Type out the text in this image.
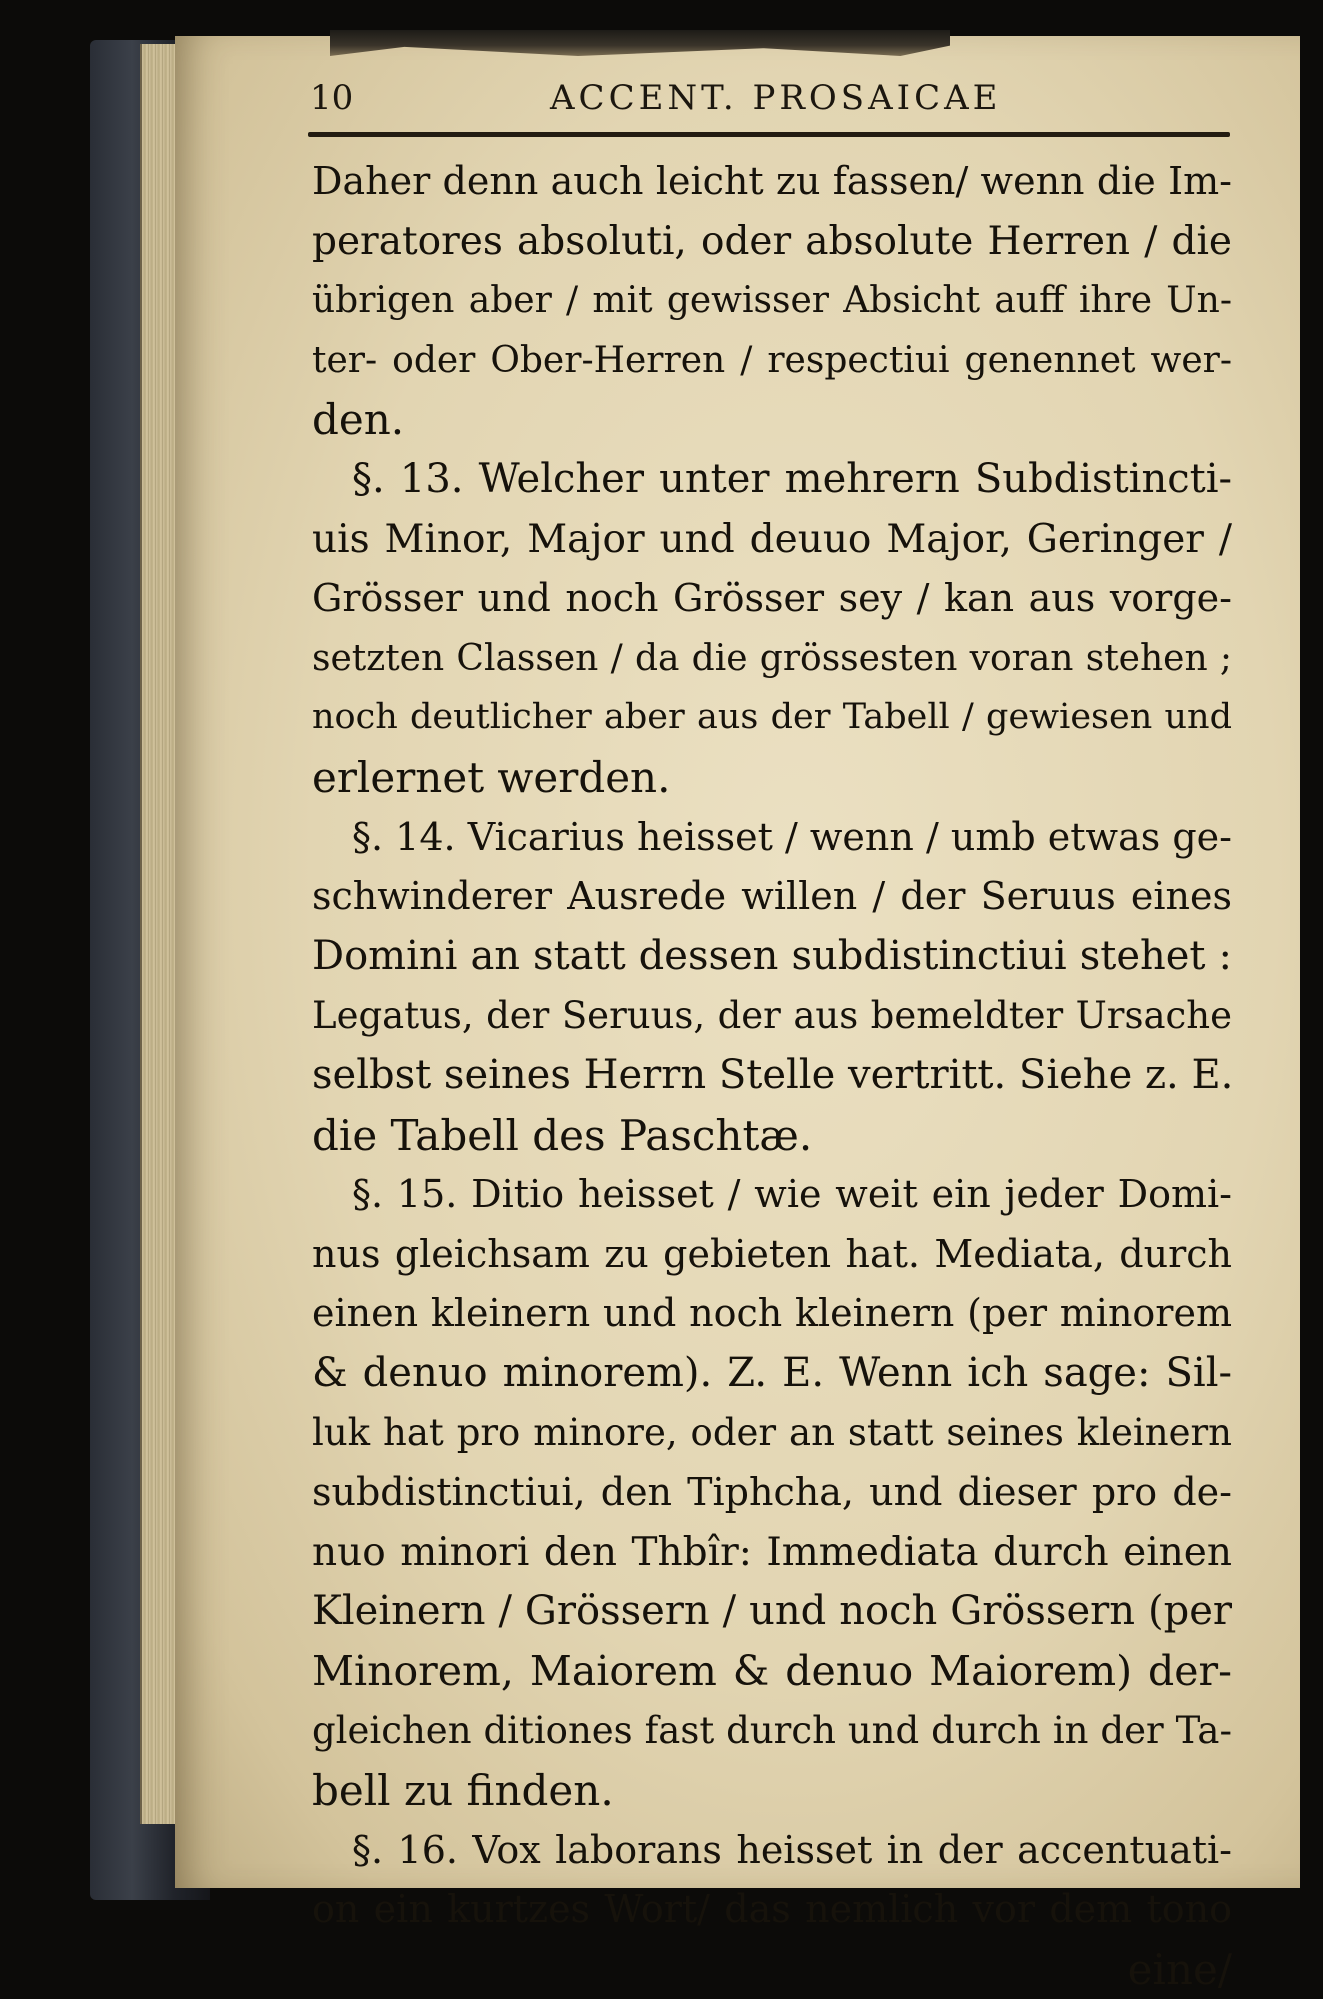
10	ACCENT. PROSAICAE
Daher denn auch leicht zu fassen/ wenn die Im-
peratores absoluti, oder absolute Herren / die
übrigen aber / mit gewisser Absicht auff ihre Un-
ter- oder Ober-Herren / respectiui genennet wer-
den.
§. 13. Welcher unter mehrern Subdistincti-
uis Minor, Major und deuuo Major, Geringer /
Grösser und noch Grösser sey / kan aus vorge-
setzten Classen / da die grössesten voran stehen ;
noch deutlicher aber aus der Tabell / gewiesen und
erlernet werden.
§. 14. Vicarius heisset / wenn / umb etwas ge-
schwinderer Ausrede willen / der Seruus eines
Domini an statt dessen subdistinctiui stehet :
Legatus, der Seruus, der aus bemeldter Ursache
selbst seines Herrn Stelle vertritt. Siehe z. E.
die Tabell des Paschtæ.
§. 15. Ditio heisset / wie weit ein jeder Domi-
nus gleichsam zu gebieten hat. Mediata, durch
einen kleinern und noch kleinern (per minorem
& denuo minorem). Z. E. Wenn ich sage: Sil-
luk hat pro minore, oder an statt seines kleinern
subdistinctiui, den Tiphcha, und dieser pro de-
nuo minori den Thbîr: Immediata durch einen
Kleinern / Grössern / und noch Grössern (per
Minorem, Maiorem & denuo Maiorem) der-
gleichen ditiones fast durch und durch in der Ta-
bell zu finden.
§. 16. Vox laborans heisset in der accentuati-
on ein kurtzes Wort/ das nemlich vor dem tono
eine/
